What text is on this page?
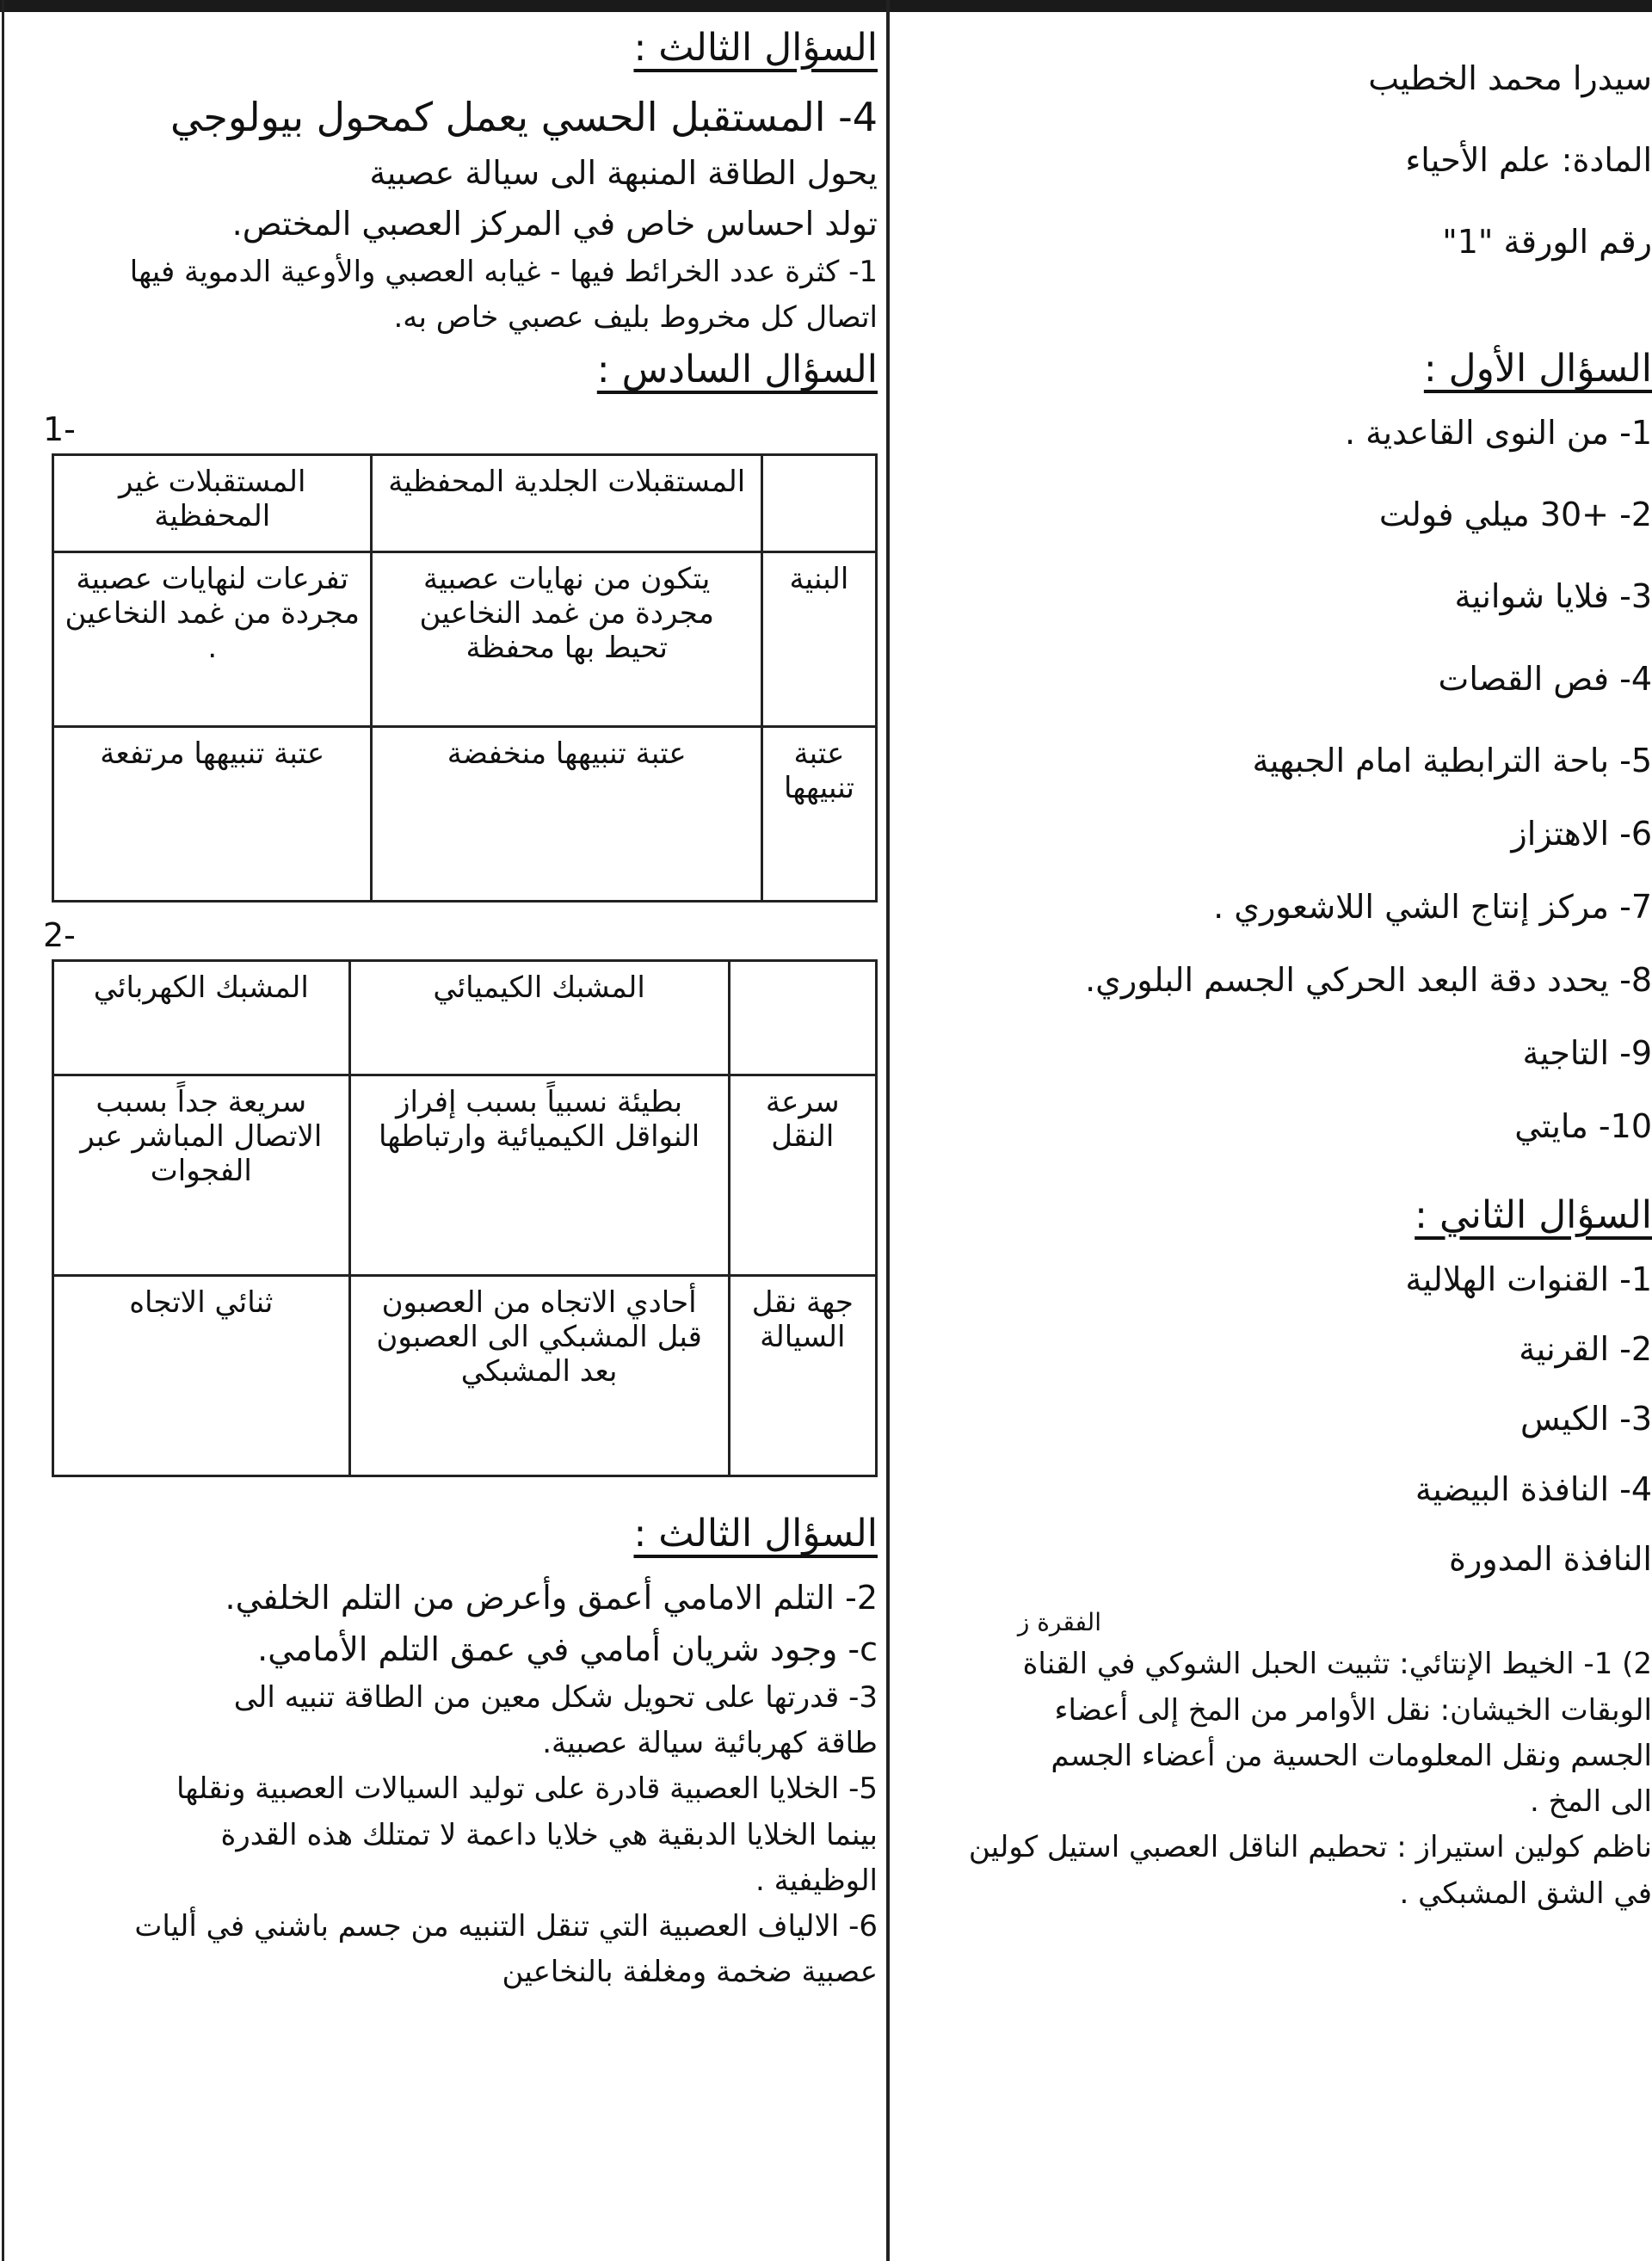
السؤال الثالث :
4- المستقبل الحسي يعمل كمحول بيولوجي
يحول الطاقة المنبهة الى سيالة عصبية
تولد احساس خاص في المركز العصبي المختص.
1- كثرة عدد الخرائط فيها - غيابه العصبي والأوعية الدموية فيها
اتصال كل مخروط بليف عصبي خاص به.
السؤال السادس :
1-
	المستقبلات الجلدية المحفظية	المستقبلات غير المحفظية
البنية	يتكون من نهايات عصبية مجردة من غمد النخاعين تحيط بها محفظة	تفرعات لنهايات عصبية مجردة من غمد النخاعين .
عتبة تنبيهها	عتبة تنبيهها منخفضة	عتبة تنبيهها مرتفعة
2-
	المشبك الكيميائي	المشبك الكهربائي
سرعة النقل	بطيئة نسبياً بسبب إفراز النواقل الكيميائية وارتباطها	سريعة جداً بسبب الاتصال المباشر عبر الفجوات
جهة نقل السيالة	أحادي الاتجاه من العصبون قبل المشبكي الى العصبون بعد المشبكي	ثنائي الاتجاه
السؤال الثالث :
2- التلم الامامي أعمق وأعرض من التلم الخلفي.
c- وجود شريان أمامي في عمق التلم الأمامي.
3- قدرتها على تحويل شكل معين من الطاقة تنبيه الى
طاقة كهربائية سيالة عصبية.
5- الخلايا العصبية قادرة على توليد السيالات العصبية ونقلها
بينما الخلايا الدبقية هي خلايا داعمة لا تمتلك هذه القدرة
الوظيفية .
6- الالياف العصبية التي تنقل التنبيه من جسم باشني في أليات
عصبية ضخمة ومغلفة بالنخاعين
سيدرا محمد الخطيب
المادة: علم الأحياء
رقم الورقة "1"
السؤال الأول :
1- من النوى القاعدية .
2- +30 ميلي فولت
3- فلايا شوانية
4- فص القصات
5- باحة الترابطية امام الجبهية
6- الاهتزاز
7- مركز إنتاج الشي اللاشعوري .
8- يحدد دقة البعد الحركي الجسم البلوري.
9- التاجية
10- مايتي
السؤال الثاني :
1- القنوات الهلالية
2- القرنية
3- الكيس
4- النافذة البيضية
النافذة المدورة
الفقرة ز
2) 1- الخيط الإنتائي: تثبيت الحبل الشوكي في القناة
الوبقات الخيشان: نقل الأوامر من المخ إلى أعضاء
الجسم ونقل المعلومات الحسية من أعضاء الجسم
الى المخ .
ناظم كولين استيراز : تحطيم الناقل العصبي استيل كولين
في الشق المشبكي .
